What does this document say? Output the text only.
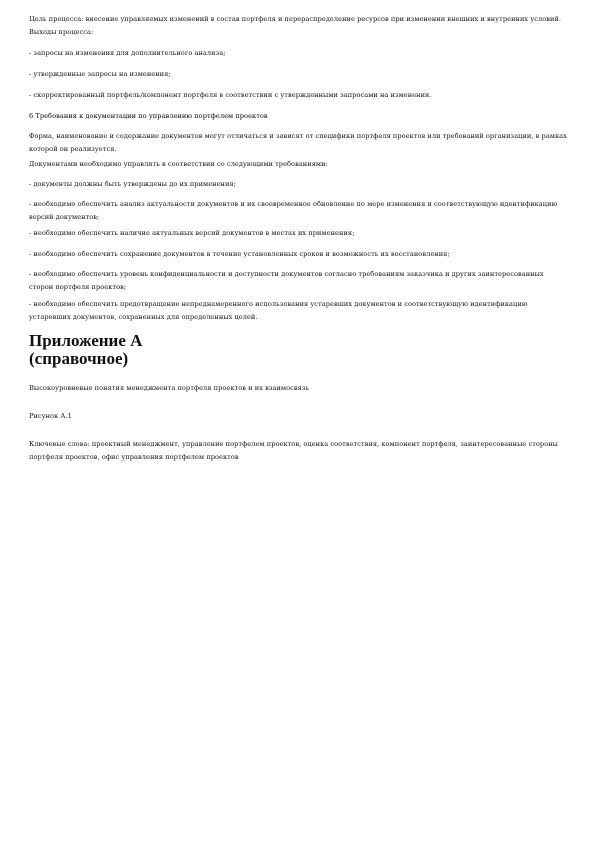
Цель процесса: внесение управляемых изменений в состав портфеля и перераспределение ресурсов при изменении внешних и внутренних условий. Выходы процесса:

- запросы на изменения для дополнительного анализа;

- утвержденные запросы на изменения;

- скорректированный портфель/компонент портфеля в соответствии с утвержденными запросами на изменения.

6 Требования к документации по управлению портфелем проектов

Форма, наименование и содержание документов могут отличаться и зависят от специфики портфеля проектов или требований организации, в рамках которой он реализуется.

Документами необходимо управлять в соответствии со следующими требованиями:

- документы должны быть утверждены до их применения;

- необходимо обеспечить анализ актуальности документов и их своевременное обновление по мере изменения и соответствующую идентификацию версий документов;

- необходимо обеспечить наличие актуальных версий документов в местах их применения;

- необходимо обеспечить сохранение документов в течение установленных сроков и возможность их восстановления;

- необходимо обеспечить уровень конфиденциальности и доступности документов согласно требованиям заказчика и других заинтересованных сторон портфеля проектов;

- необходимо обеспечить предотвращение непреднамеренного использования устаревших документов и соответствующую идентификацию устаревших документов, сохраненных для определенных целей.

Приложение А
(справочное)

Высокоуровневые понятия менеджмента портфеля проектов и их взаимосвязь

Рисунок А.1

Ключевые слова: проектный менеджмент, управление портфелем проектов, оценка соответствия, компонент портфеля, заинтересованные стороны портфеля проектов, офис управления портфелем проектов
